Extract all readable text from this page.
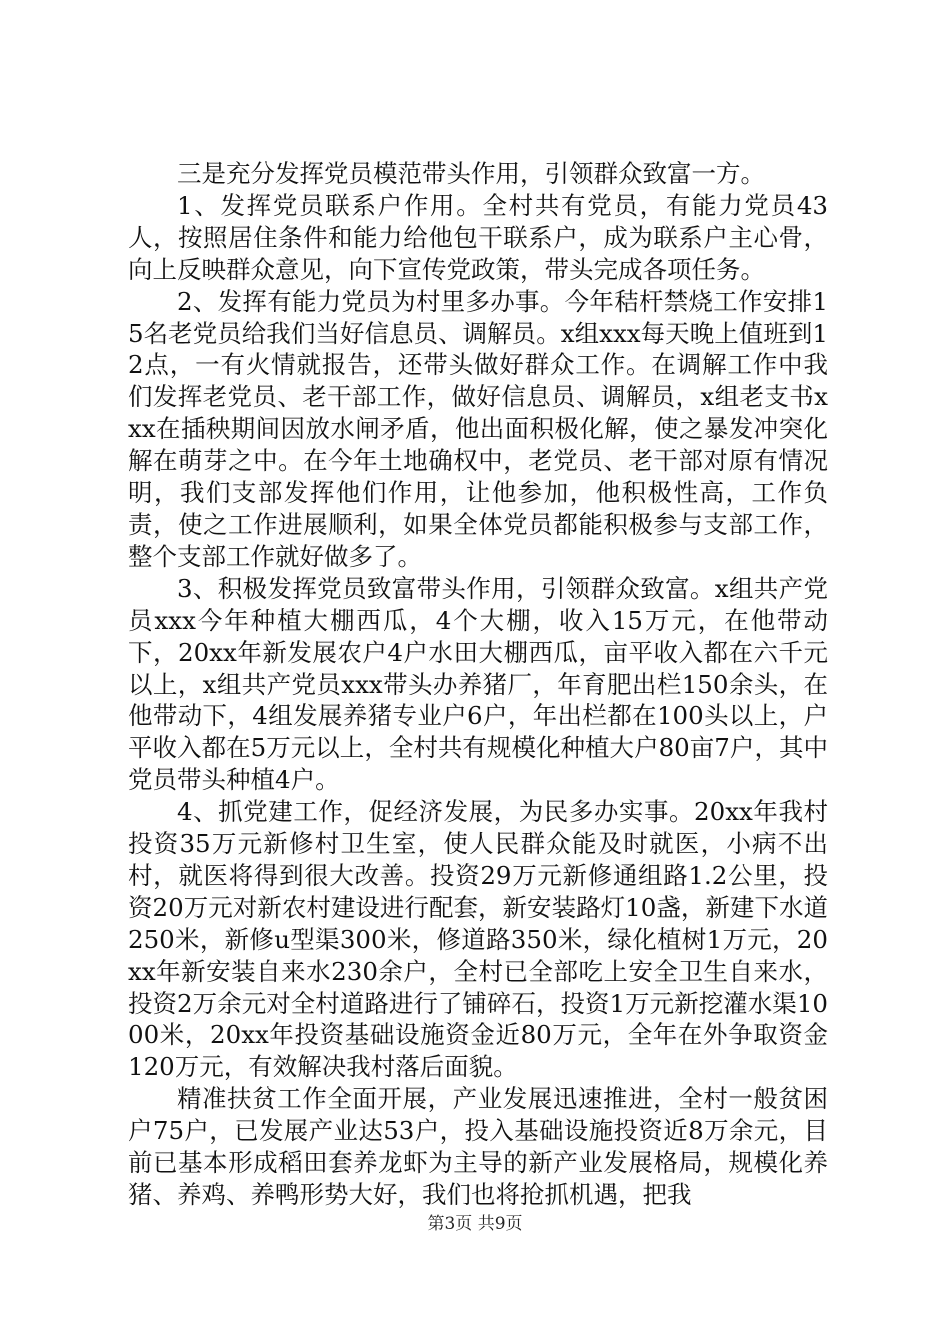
三是充分发挥党员模范带头作用，引领群众致富一方。

1、发挥党员联系户作用。全村共有党员，有能力党员43人，按照居住条件和能力给他包干联系户，成为联系户主心骨，向上反映群众意见，向下宣传党政策，带头完成各项任务。

2、发挥有能力党员为村里多办事。今年秸杆禁烧工作安排15名老党员给我们当好信息员、调解员。x组xxx每天晚上值班到12点，一有火情就报告，还带头做好群众工作。在调解工作中我们发挥老党员、老干部工作，做好信息员、调解员，x组老支书xxx在插秧期间因放水闸矛盾，他出面积极化解，使之暴发冲突化解在萌芽之中。在今年土地确权中，老党员、老干部对原有情况明，我们支部发挥他们作用，让他参加，他积极性高，工作负责，使之工作进展顺利，如果全体党员都能积极参与支部工作，整个支部工作就好做多了。

3、积极发挥党员致富带头作用，引领群众致富。x组共产党员xxx今年种植大棚西瓜，4个大棚，收入15万元，在他带动下，20xx年新发展农户4户水田大棚西瓜，亩平收入都在六千元以上，x组共产党员xxx带头办养猪厂，年育肥出栏150余头，在他带动下，4组发展养猪专业户6户，年出栏都在100头以上，户平收入都在5万元以上，全村共有规模化种植大户80亩7户，其中党员带头种植4户。

4、抓党建工作，促经济发展，为民多办实事。20xx年我村投资35万元新修村卫生室，使人民群众能及时就医，小病不出村，就医将得到很大改善。投资29万元新修通组路1.2公里，投资20万元对新农村建设进行配套，新安装路灯10盏，新建下水道250米，新修u型渠300米，修道路350米，绿化植树1万元，20xx年新安装自来水230余户，全村已全部吃上安全卫生自来水，投资2万余元对全村道路进行了铺碎石，投资1万元新挖灌水渠1000米，20xx年投资基础设施资金近80万元，全年在外争取资金120万元，有效解决我村落后面貌。

精准扶贫工作全面开展，产业发展迅速推进，全村一般贫困户75户，已发展产业达53户，投入基础设施投资近8万余元，目前已基本形成稻田套养龙虾为主导的新产业发展格局，规模化养猪、养鸡、养鸭形势大好，我们也将抢抓机遇，把我

第3页 共9页
